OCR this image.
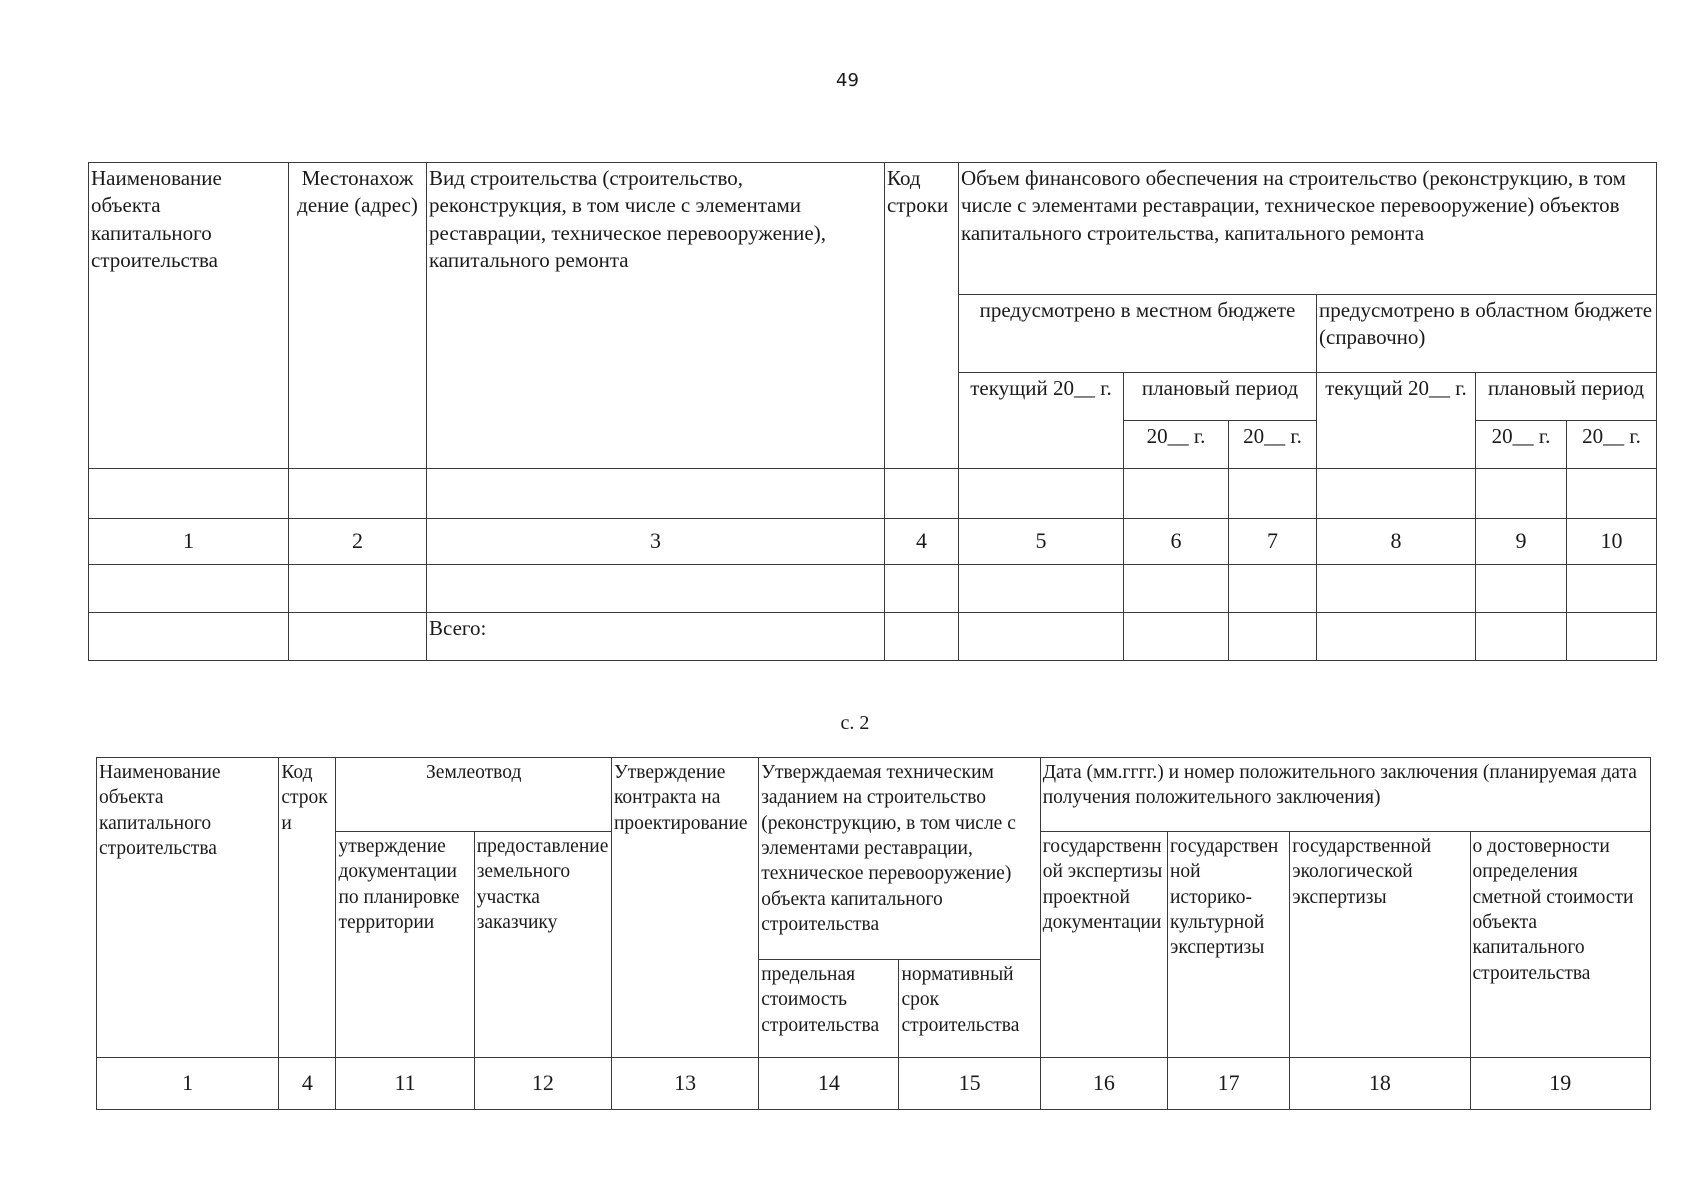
49
Наименование объекта капитального строительства	Местонахож дение (адрес)	Вид строительства (строительство, реконструкция, в том числе с элементами реставрации, техническое перевооружение), капитального ремонта	Код строки	Объем финансового обеспечения на строительство (реконструкцию, в том числе с элементами реставрации, техническое перевооружение) объектов капитального строительства, капитального ремонта					
				предусмотрено в местном бюджете			предусмотрено в областном бюджете (справочно)		
				текущий 20__ г.	плановый период		текущий 20__ г.	плановый период	
					20__ г.	20__ г.		20__ г.	20__ г.

1	2	3	4	5	6	7	8	9	10

		Всего:							
с. 2
Наименование объекта капитального строительства	Код строки	Землеотвод		Утверждение контракта на проектирование	Утверждаемая техническим заданием на строительство (реконструкцию, в том числе с элементами реставрации, техническое перевооружение) объекта капитального строительства		Дата (мм.гггг.) и номер положительного заключения (планируемая дата получения положительного заключения)			
		утверждение документации по планировке территории	предоставление земельного участка заказчику				государственной экспертизы проектной документации	государственной историко-культурной экспертизы	государственной экологической экспертизы	о достоверности определения сметной стоимости объекта капитального строительства
					предельная стоимость строительства	нормативный срок строительства				
1	4	11	12	13	14	15	16	17	18	19
